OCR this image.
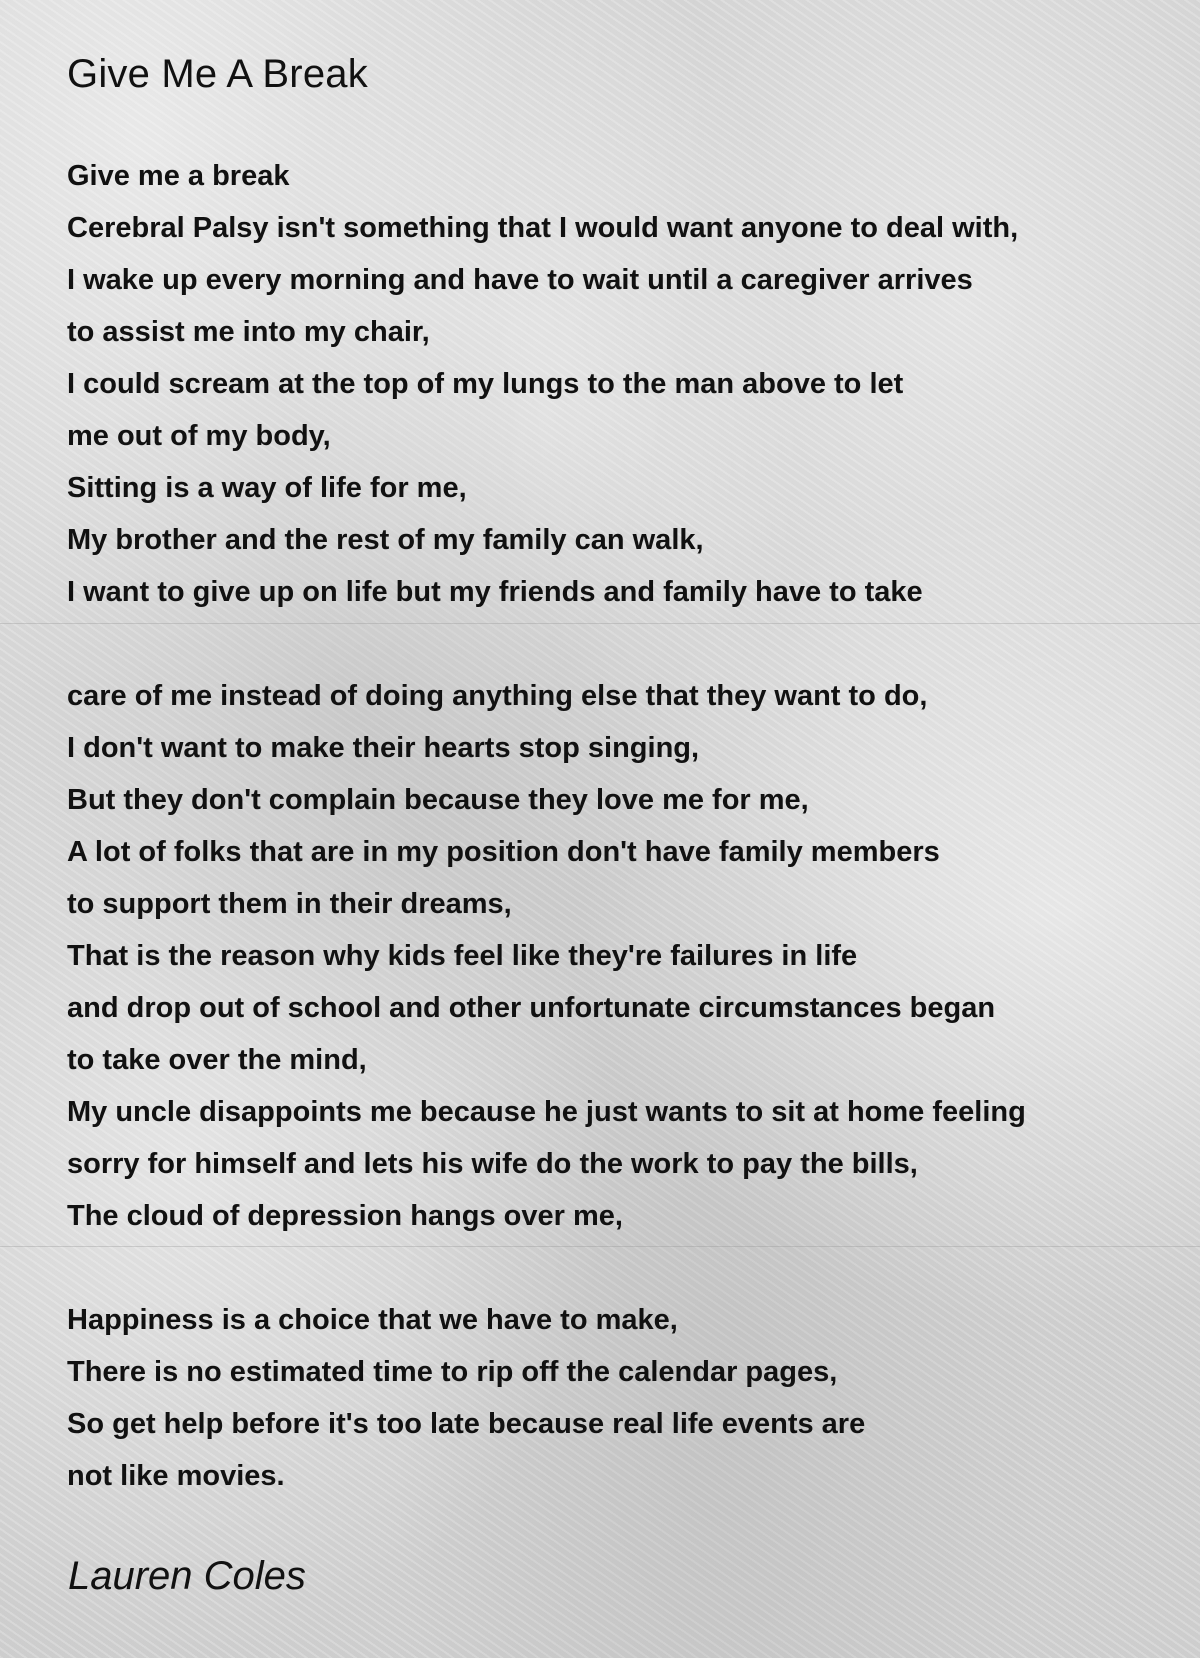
Give Me A Break
Give me a break
Cerebral Palsy isn't something that I would want anyone to deal with,
I wake up every morning and have to wait until a caregiver arrives
to assist me into my chair,
I could scream at the top of my lungs to the man above to let
me out of my body,
Sitting is a way of life for me,
My brother and the rest of my family can walk,
I want to give up on life but my friends and family have to take
care of me instead of doing anything else that they want to do,
I don't want to make their hearts stop singing,
But they don't complain because they love me for me,
A lot of folks that are in my position don't have family members
to support them in their dreams,
That is the reason why kids feel like they're failures in life
and drop out of school and other unfortunate circumstances began
to take over the mind,
My uncle disappoints me because he just wants to sit at home feeling
sorry for himself and lets his wife do the work to pay the bills,
The cloud of depression hangs over me,
Happiness is a choice that we have to make,
There is no estimated time to rip off the calendar pages,
So get help before it's too late because real life events are
not like movies.

Lauren Coles
